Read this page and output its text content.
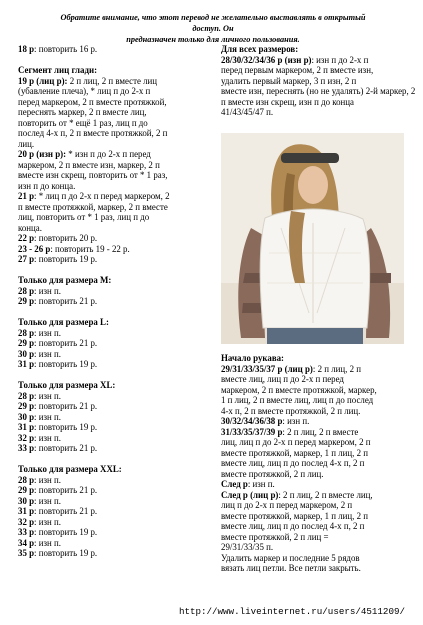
Обратите внимание, что этот перевод не желательно выставлять в открытый доступ. Он
предназначен только для личного пользования.
18 р: повторить 16 р.
Сегмент лиц глади:
19 р (лиц р): 2 п лиц, 2 п вместе лиц
(убавление плеча), * лиц п до 2-х п
перед маркером, 2 п вместе протяжкой,
переснять маркер, 2 п вместе лиц,
повторить от * ещё 1 раз, лиц п до
послед 4-х п, 2 п вместе протяжкой, 2 п
лиц.
20 р (изн р): * изн п до 2-х п перед
маркером, 2 п вместе изн, маркер, 2 п
вместе изн скрещ, повторить от * 1 раз,
изн п до конца.
21 р: * лиц п до 2-х п перед маркером, 2
п вместе протяжкой, маркер, 2 п вместе
лиц, повторить от * 1 раз, лиц п до
конца.
22 р: повторить 20 р.
23 - 26 р: повторить 19 - 22 р.
27 р: повторить 19 р.
Только для размера M:
28 р: изн п.
29 р: повторить 21 р.
Только для размера L:
28 р: изн п.
29 р: повторить 21 р.
30 р: изн п.
31 р: повторить 19 р.
Только для размера XL:
28 р: изн п.
29 р: повторить 21 р.
30 р: изн п.
31 р: повторить 19 р.
32 р: изн п.
33 р: повторить 21 р.
Только для размера XXL:
28 р: изн п.
29 р: повторить 21 р.
30 р: изн п.
31 р: повторить 21 р.
32 р: изн п.
33 р: повторить 19 р.
34 р: изн п.
35 р: повторить 19 р.
Для всех размеров:
28/30/32/34/36 р (изн р): изн п до 2-х п
перед первым маркером, 2 п вместе изн,
удалить первый маркер, 3 п изн, 2 п
вместе изн, переснять (но не удалять) 2-й маркер, 2
п вместе изн скрещ, изн п до конца
41/43/45/47 п.
Начало рукава:
29/31/33/35/37 р (лиц р): 2 п лиц, 2 п
вместе лиц, лиц п до 2-х п перед
маркером, 2 п вместе протяжкой, маркер,
1 п лиц, 2 п вместе лиц, лиц п до послед
4-х п, 2 п вместе протяжкой, 2 п лиц.
30/32/34/36/38 р: изн п.
31/33/35/37/39 р: 2 п лиц, 2 п вместе
лиц, лиц п до 2-х п перед маркером, 2 п
вместе протяжкой, маркер, 1 п лиц, 2 п
вместе лиц, лиц п до послед 4-х п, 2 п
вместе протяжкой, 2 п лиц.
След р: изн п.
След р (лиц р): 2 п лиц, 2 п вместе лиц,
лиц п до 2-х п перед маркером, 2 п
вместе протяжкой, маркер, 1 п лиц, 2 п
вместе лиц, лиц п до послед 4-х п, 2 п
вместе протяжкой, 2 п лиц =
29/31/33/35 п.
Удалить маркер и последние 5 рядов
вязать лиц петли. Все петли закрыть.
http://www.liveinternet.ru/users/4511209/
